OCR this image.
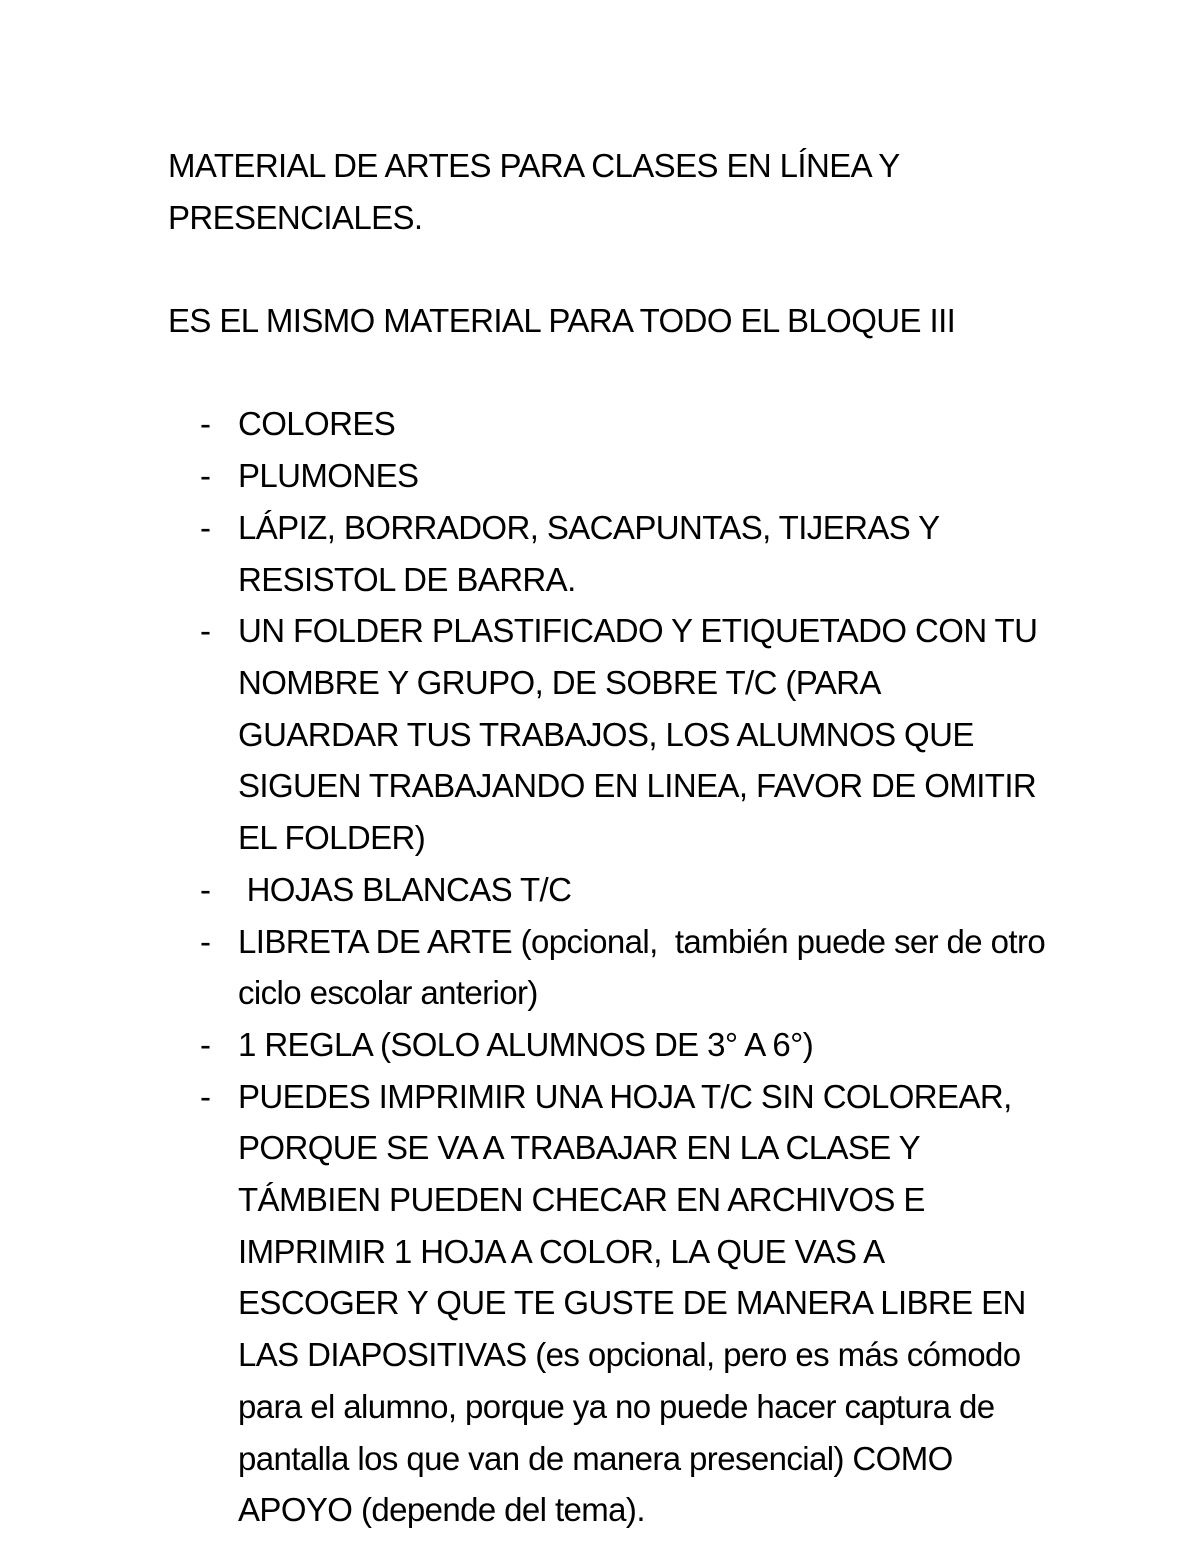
MATERIAL DE ARTES PARA CLASES EN LÍNEA Y PRESENCIALES.

ES EL MISMO MATERIAL PARA TODO EL BLOQUE III

- COLORES
- PLUMONES
- LÁPIZ, BORRADOR, SACAPUNTAS, TIJERAS Y RESISTOL DE BARRA.
- UN FOLDER PLASTIFICADO Y ETIQUETADO CON TU NOMBRE Y GRUPO, DE SOBRE T/C (PARA GUARDAR TUS TRABAJOS, LOS ALUMNOS QUE SIGUEN TRABAJANDO EN LINEA, FAVOR DE OMITIR EL FOLDER)
- HOJAS BLANCAS T/C
- LIBRETA DE ARTE (opcional,  también puede ser de otro ciclo escolar anterior)
- 1 REGLA (SOLO ALUMNOS DE 3° A 6°)
- PUEDES IMPRIMIR UNA HOJA T/C SIN COLOREAR, PORQUE SE VA A TRABAJAR EN LA CLASE Y TÁMBIEN PUEDEN CHECAR EN ARCHIVOS E IMPRIMIR 1 HOJA A COLOR, LA QUE VAS A ESCOGER Y QUE TE GUSTE DE MANERA LIBRE EN LAS DIAPOSITIVAS (es opcional, pero es más cómodo para el alumno, porque ya no puede hacer captura de pantalla los que van de manera presencial) COMO APOYO (depende del tema).
